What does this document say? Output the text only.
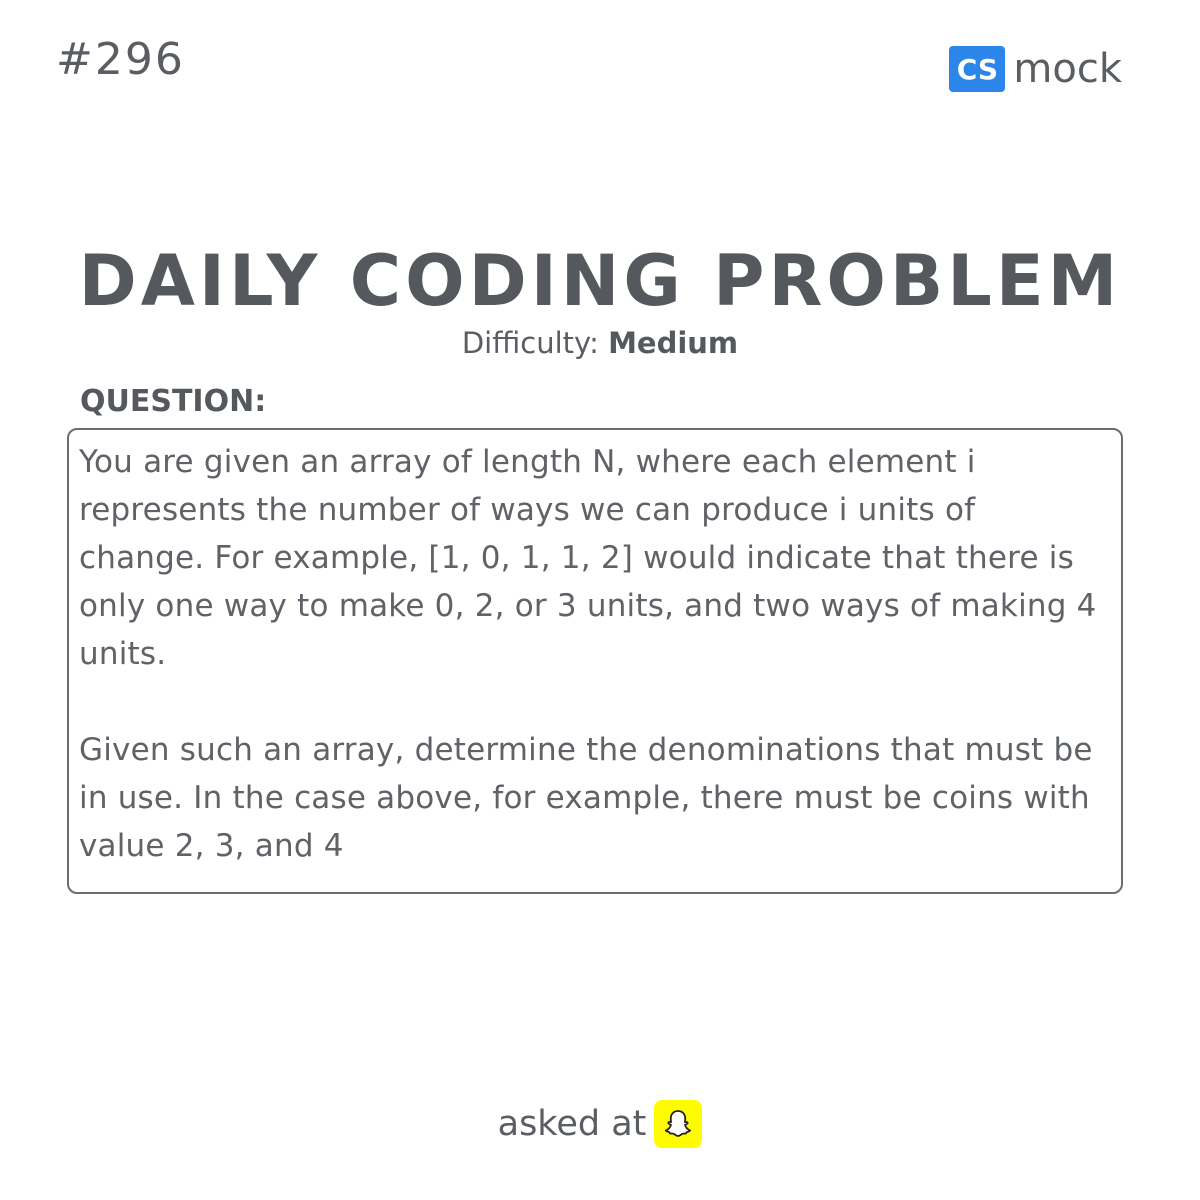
#296	CS mock
DAILY CODING PROBLEM
Difficulty: Medium
QUESTION:

You are given an array of length N, where each element i represents the number of ways we can produce i units of change. For example, [1, 0, 1, 1, 2] would indicate that there is only one way to make 0, 2, or 3 units, and two ways of making 4 units.

Given such an array, determine the denominations that must be in use. In the case above, for example, there must be coins with value 2, 3, and 4

asked at
